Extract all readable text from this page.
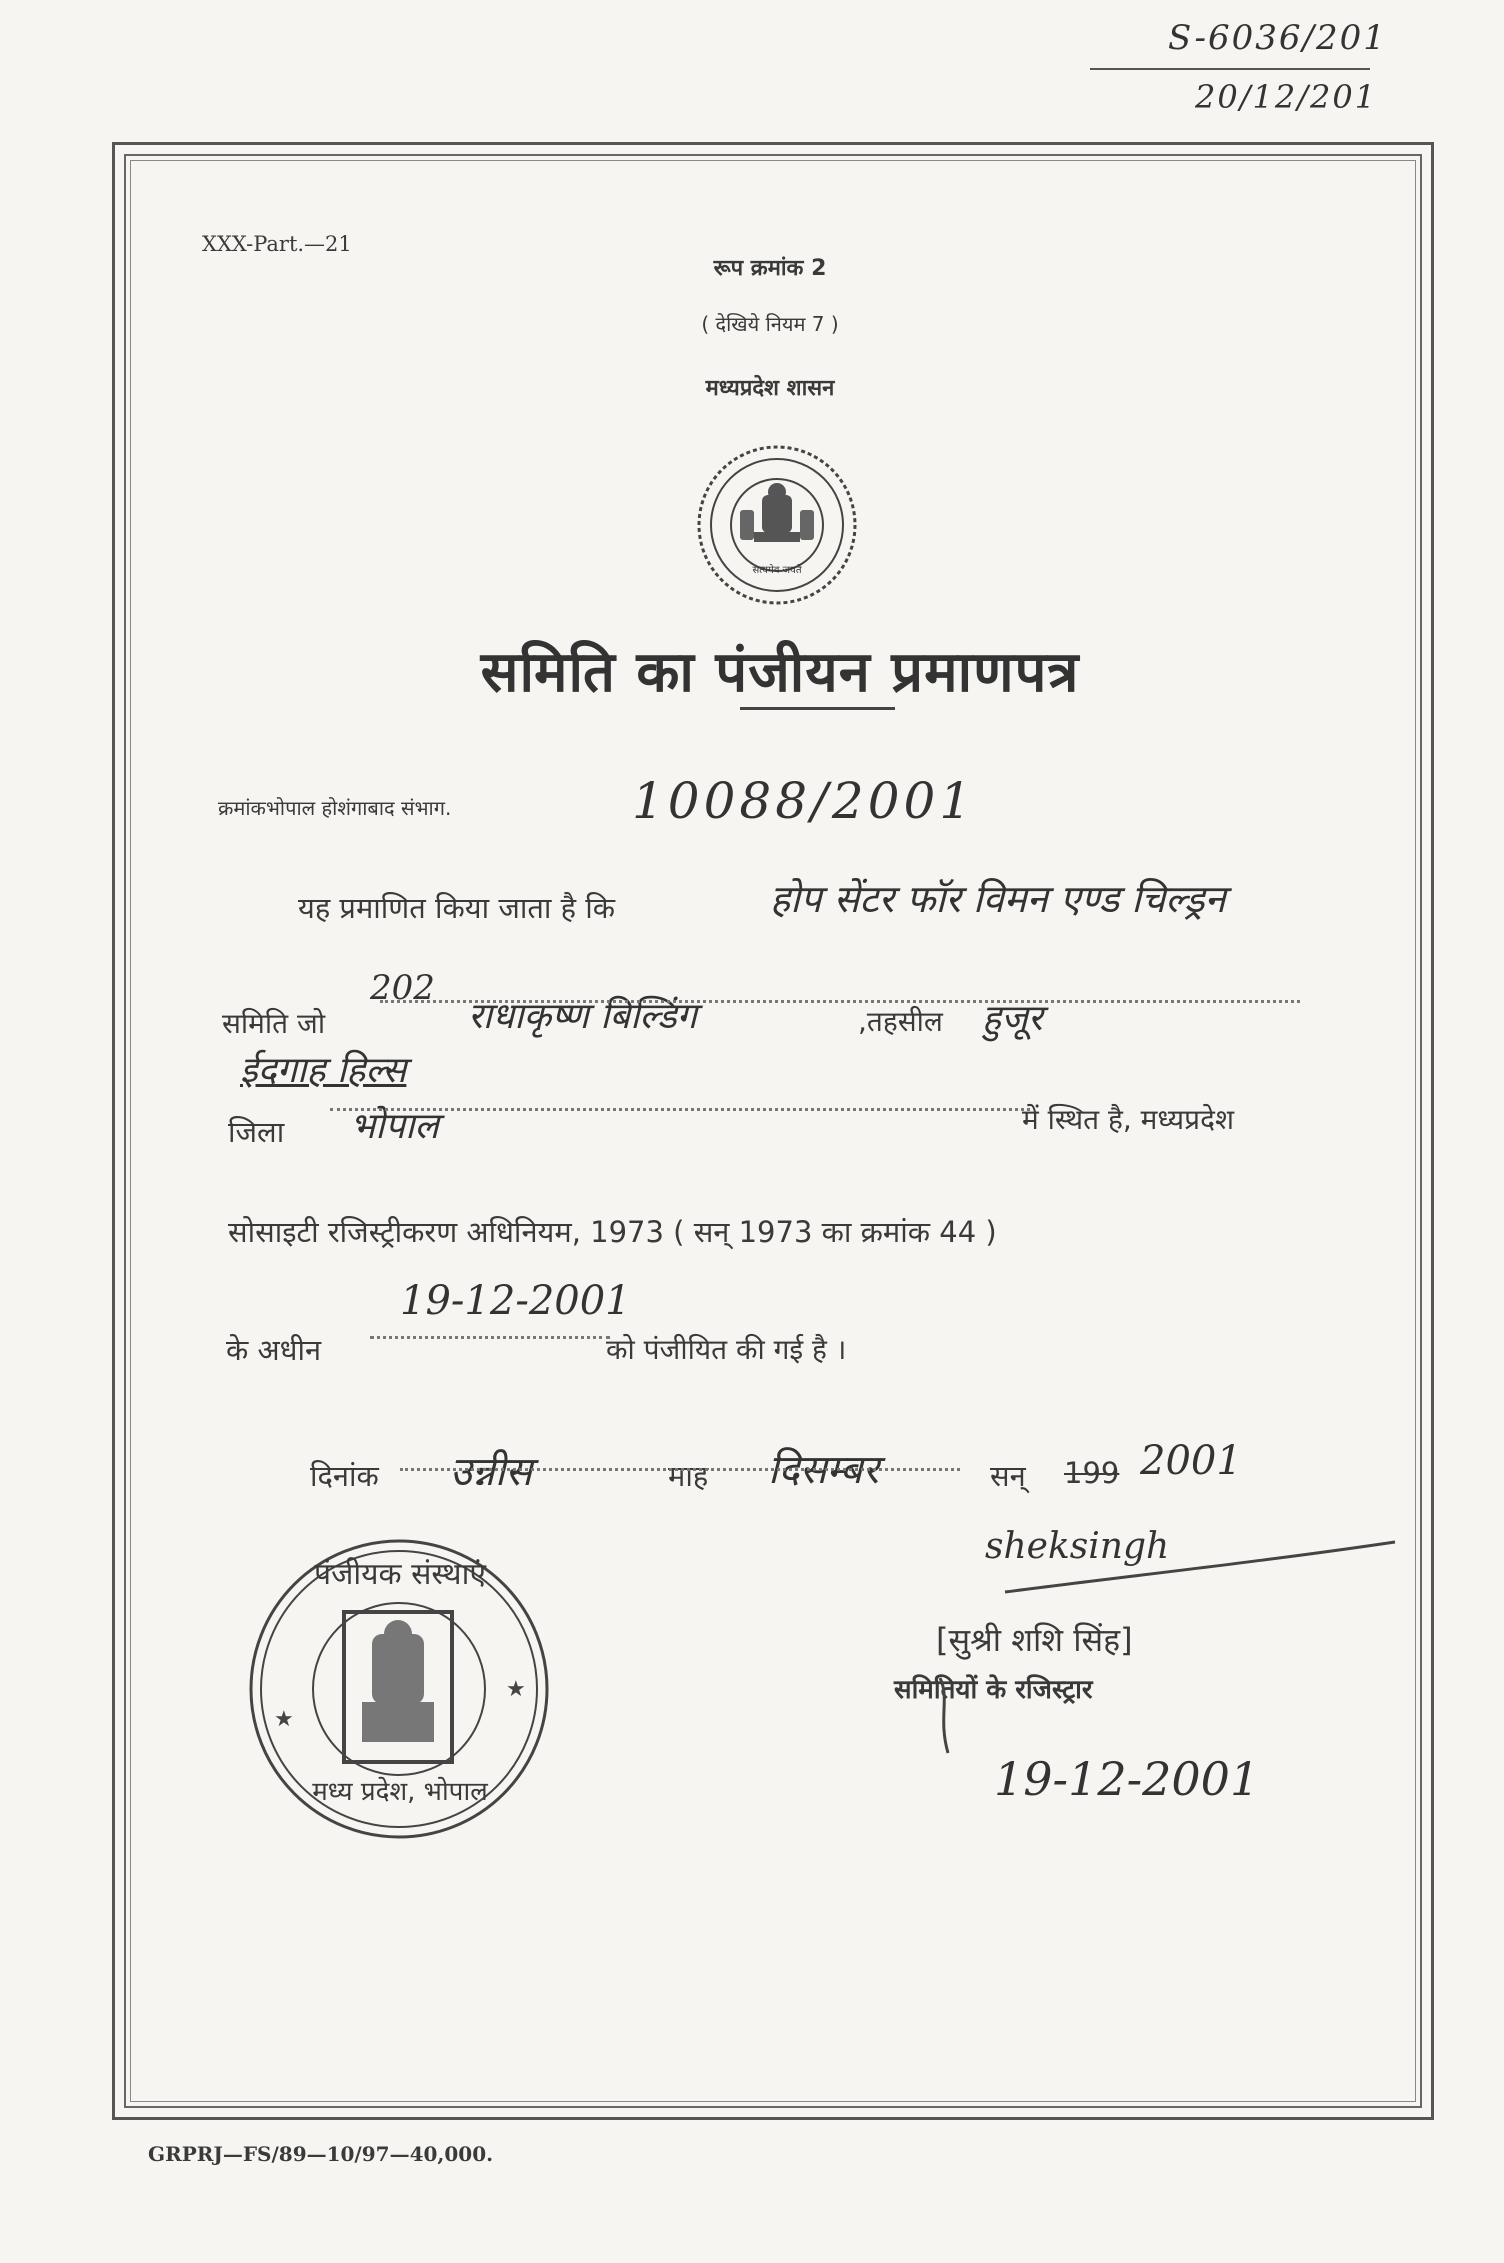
S-6036/201
20/12/201
XXX-Part.—21
रूप क्रमांक 2
( देखिये नियम 7 )
मध्यप्रदेश शासन
सत्यमेव जयते
समिति का पंजीयन प्रमाणपत्र
क्रमांकभोपाल होशंगाबाद संभाग.	10088/2001
यह प्रमाणित किया जाता है कि	होप सेंटर फॉर विमन एण्ड चिल्ड्रन
समिति जो
202
राधाकृष्ण बिल्डिंग	,तहसील हुजूर
ईदगाह हिल्स
जिला भोपाल	में स्थित है, मध्यप्रदेश
सोसाइटी रजिस्ट्रीकरण अधिनियम, 1973 ( सन् 1973 का क्रमांक 44 )
के अधीन
19-12-2001
को पंजीयित की गई है ।
दिनांक उन्नीस	माह दिसम्बर	सन् 199 2001
★
★
पंजीयक संस्थाएं
मध्य प्रदेश, भोपाल
sheksingh
[सुश्री शशि सिंह]
समितियों के रजिस्ट्रार
19-12-2001
GRPRJ—FS/89—10/97—40,000.
